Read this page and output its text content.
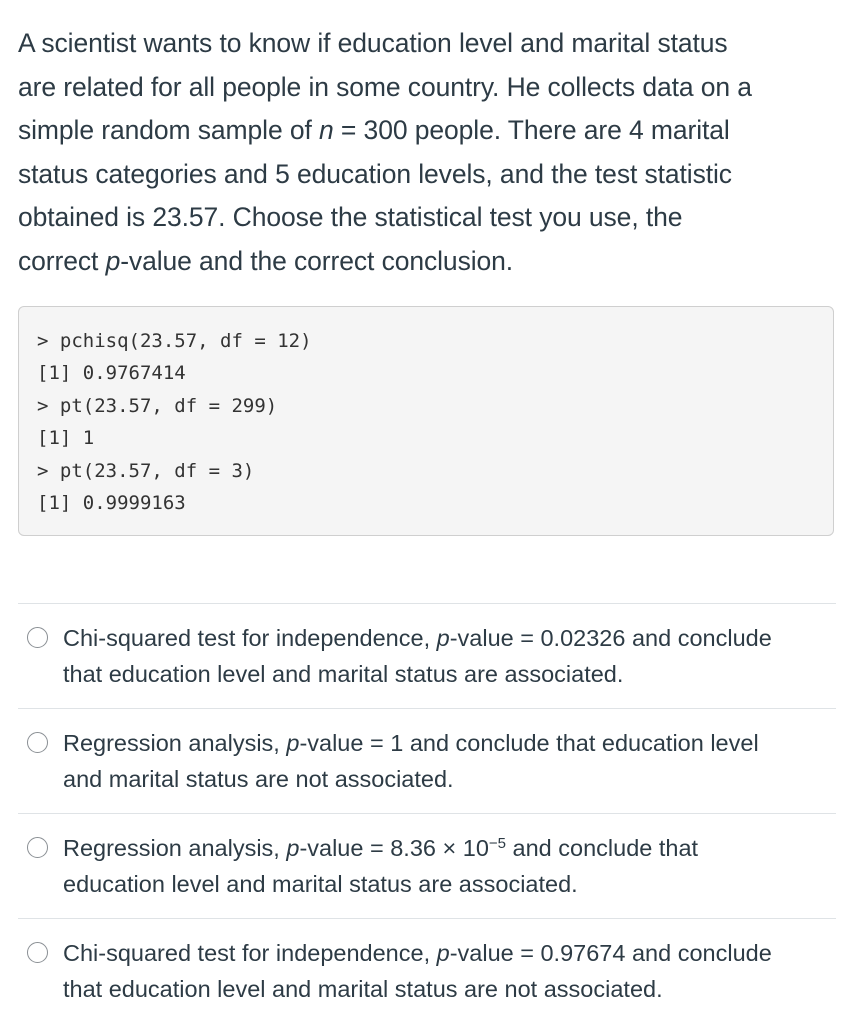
A scientist wants to know if education level and marital status

are related for all people in some country. He collects data on a

simple random sample of n = 300 people. There are 4 marital

status categories and 5 education levels, and the test statistic

obtained is 23.57. Choose the statistical test you use, the

correct p-value and the correct conclusion.

> pchisq(23.57, df = 12)
[1] 0.9767414
> pt(23.57, df = 299)
[1] 1
> pt(23.57, df = 3)
[1] 0.9999163
Chi-squared test for independence, p-value = 0.02326 and conclude
that education level and marital status are associated.
Regression analysis, p-value = 1 and conclude that education level
and marital status are not associated.
Regression analysis, p-value = $8.36 \times 10^{-5}$ and conclude that
education level and marital status are associated.
Chi-squared test for independence, p-value = 0.97674 and conclude
that education level and marital status are not associated.
